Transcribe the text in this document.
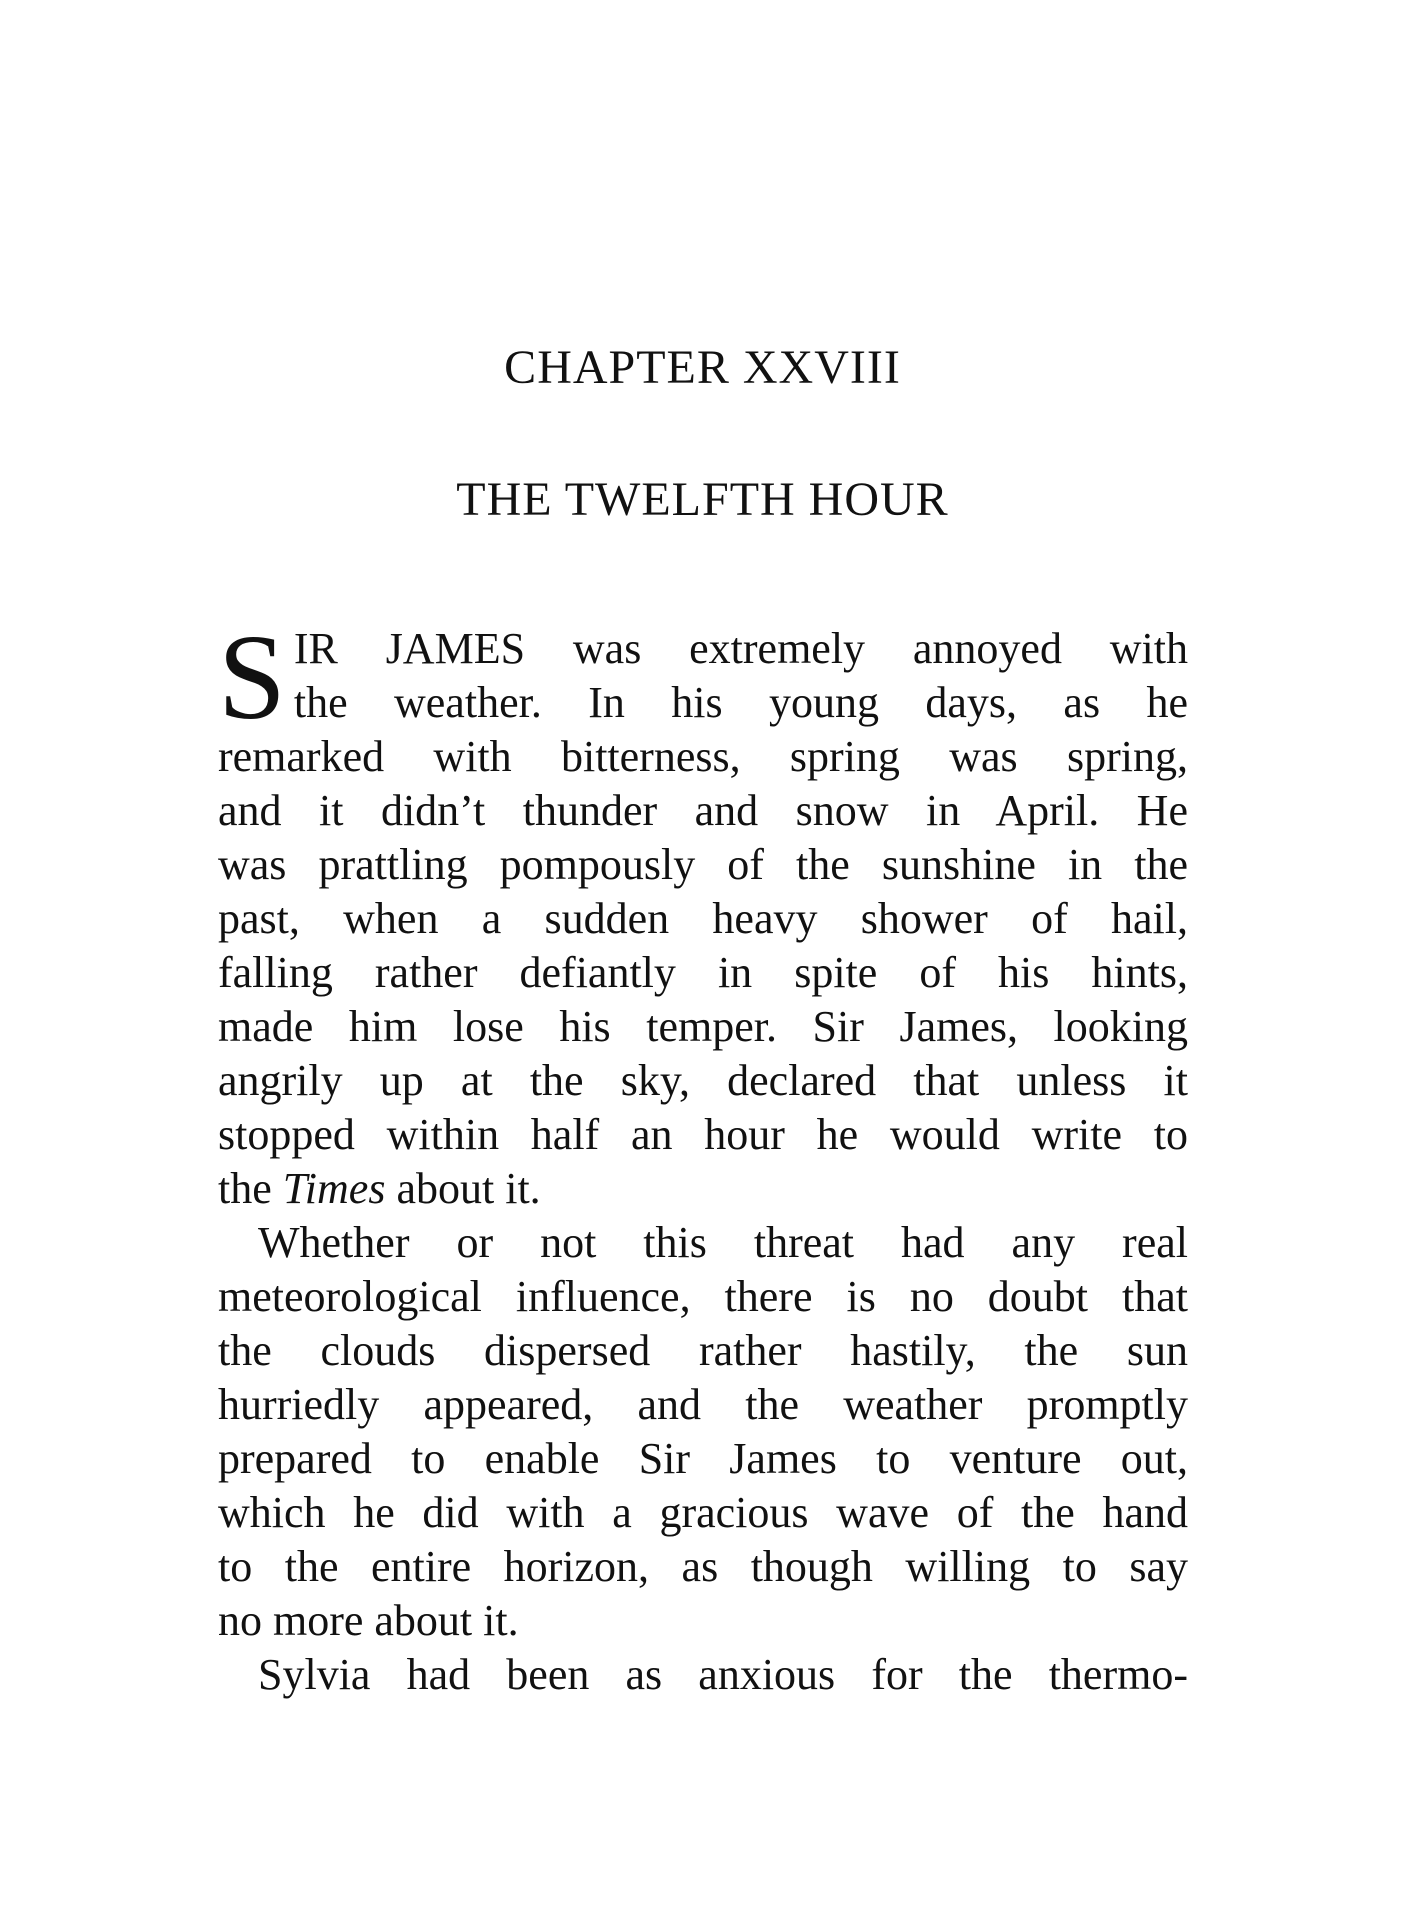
CHAPTER XXVIII
THE TWELFTH HOUR
S IR JAMES was extremely annoyed with
the weather. In his young days, as he
remarked with bitterness, spring was spring,
and it didn’t thunder and snow in April. He
was prattling pompously of the sunshine in the
past, when a sudden heavy shower of hail,
falling rather defiantly in spite of his hints,
made him lose his temper. Sir James, looking
angrily up at the sky, declared that unless it
stopped within half an hour he would write to
the Times about it.
Whether or not this threat had any real
meteorological influence, there is no doubt that
the clouds dispersed rather hastily, the sun
hurriedly appeared, and the weather promptly
prepared to enable Sir James to venture out,
which he did with a gracious wave of the hand
to the entire horizon, as though willing to say
no more about it.
Sylvia had been as anxious for the thermo-
